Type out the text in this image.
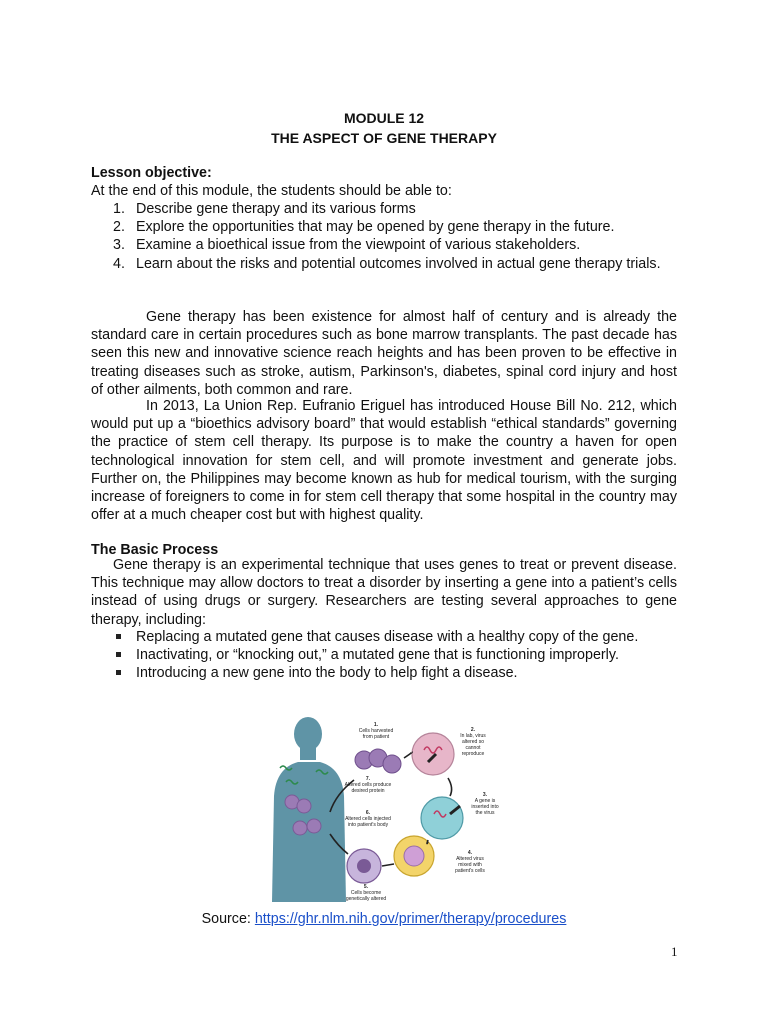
MODULE 12
THE ASPECT OF GENE THERAPY
Lesson objective:
At the end of this module, the students should be able to:
1. Describe gene therapy and its various forms
2. Explore the opportunities that may be opened by gene therapy in the future.
3. Examine a bioethical issue from the viewpoint of various stakeholders.
4. Learn about the risks and potential outcomes involved in actual gene therapy trials.
Gene therapy has been existence for almost half of century and is already the standard care in certain procedures such as bone marrow transplants. The past decade has seen this new and innovative science reach heights and has been proven to be effective in treating diseases such as stroke, autism, Parkinson's, diabetes, spinal cord injury and host of other ailments, both common and rare.
In 2013, La Union Rep. Eufranio Eriguel has introduced House Bill No. 212, which would put up a “bioethics advisory board” that would establish “ethical standards” governing the practice of stem cell therapy. Its purpose is to make the country a haven for open technological innovation for stem cell, and will promote investment and generate jobs. Further on, the Philippines may become known as hub for medical tourism, with the surging increase of foreigners to come in for stem cell therapy that some hospital in the country may offer at a much cheaper cost but with highest quality.
The Basic Process
Gene therapy is an experimental technique that uses genes to treat or prevent disease. This technique may allow doctors to treat a disorder by inserting a gene into a patient’s cells instead of using drugs or surgery. Researchers are testing several approaches to gene therapy, including:
Replacing a mutated gene that causes disease with a healthy copy of the gene.
Inactivating, or “knocking out,” a mutated gene that is functioning improperly.
Introducing a new gene into the body to help fight a disease.
1.
Cells harvested
from patient
2.
In lab, virus
altered so
cannot
reproduce
3.
A gene is
inserted into
the virus
4.
Altered virus
mixed with
patient's cells
5.
Cells become
genetically altered
6.
Altered cells injected
into patient's body
7.
Altered cells produce
desired protein
Source: https://ghr.nlm.nih.gov/primer/therapy/procedures
1
